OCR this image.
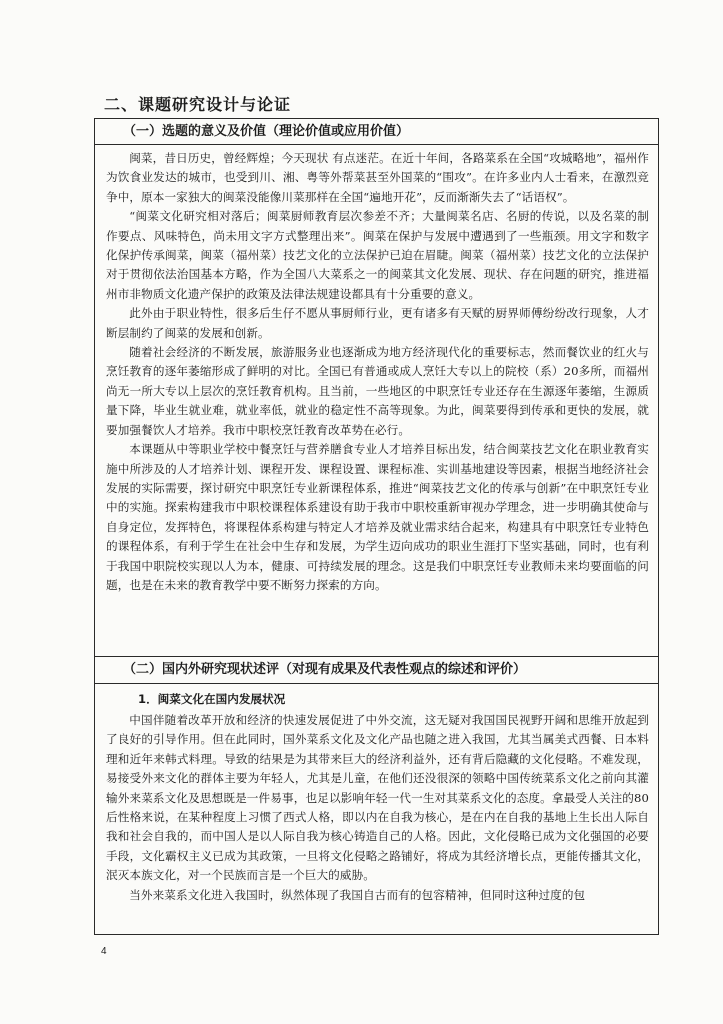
二、课题研究设计与论证
（一）选题的意义及价值（理论价值或应用价值）

闽菜，昔日历史，曾经辉煌；今天现状 有点迷茫。在近十年间，各路菜系在全国“攻城略地”，福州作为饮食业发达的城市，也受到川、湘、粤等外帮菜甚至外国菜的“围攻”。在许多业内人士看来，在激烈竞争中，原本一家独大的闽菜没能像川菜那样在全国“遍地开花”，反而渐渐失去了“话语权”。

“闽菜文化研究相对落后；闽菜厨师教育层次参差不齐；大量闽菜名店、名厨的传说，以及名菜的制作要点、风味特色，尚未用文字方式整理出来”。闽菜在保护与发展中遭遇到了一些瓶颈。用文字和数字化保护传承闽菜，闽菜（福州菜）技艺文化的立法保护已迫在眉睫。闽菜（福州菜）技艺文化的立法保护对于贯彻依法治国基本方略，作为全国八大菜系之一的闽菜其文化发展、现状、存在问题的研究，推进福州市非物质文化遗产保护的政策及法律法规建设都具有十分重要的意义。

此外由于职业特性，很多后生仔不愿从事厨师行业，更有诸多有天赋的厨界师傅纷纷改行现象，人才断层制约了闽菜的发展和创新。

随着社会经济的不断发展，旅游服务业也逐渐成为地方经济现代化的重要标志，然而餐饮业的红火与烹饪教育的逐年萎缩形成了鲜明的对比。全国已有普通或成人烹饪大专以上的院校（系）20多所，而福州尚无一所大专以上层次的烹饪教育机构。且当前，一些地区的中职烹饪专业还存在生源逐年萎缩，生源质量下降，毕业生就业难，就业率低，就业的稳定性不高等现象。为此，闽菜要得到传承和更快的发展，就要加强餐饮人才培养。我市中职校烹饪教育改革势在必行。

本课题从中等职业学校中餐烹饪与营养膳食专业人才培养目标出发，结合闽菜技艺文化在职业教育实施中所涉及的人才培养计划、课程开发、课程设置、课程标准、实训基地建设等因素，根据当地经济社会发展的实际需要，探讨研究中职烹饪专业新课程体系，推进“闽菜技艺文化的传承与创新”在中职烹饪专业中的实施。探索构建我市中职校课程体系建设有助于我市中职校重新审视办学理念，进一步明确其使命与自身定位，发挥特色，将课程体系构建与特定人才培养及就业需求结合起来，构建具有中职烹饪专业特色的课程体系，有利于学生在社会中生存和发展，为学生迈向成功的职业生涯打下坚实基础，同时，也有利于我国中职院校实现以人为本，健康、可持续发展的理念。这是我们中职烹饪专业教师未来均要面临的问题，也是在未来的教育教学中要不断努力探索的方向。

（二）国内外研究现状述评（对现有成果及代表性观点的综述和评价）

1．闽菜文化在国内发展状况

中国伴随着改革开放和经济的快速发展促进了中外交流，这无疑对我国国民视野开阔和思维开放起到了良好的引导作用。但在此同时，国外菜系文化及文化产品也随之进入我国，尤其当属美式西餐、日本料理和近年来韩式料理。导致的结果是为其带来巨大的经济利益外，还有背后隐藏的文化侵略。不难发现，易接受外来文化的群体主要为年轻人，尤其是儿童，在他们还没很深的领略中国传统菜系文化之前向其灌输外来菜系文化及思想既是一件易事，也足以影响年轻一代一生对其菜系文化的态度。拿最受人关注的80后性格来说，在某种程度上习惯了西式人格，即以内在自我为核心，是在内在自我的基地上生长出人际自我和社会自我的，而中国人是以人际自我为核心铸造自己的人格。因此，文化侵略已成为文化强国的必要手段，文化霸权主义已成为其政策，一旦将文化侵略之路铺好，将成为其经济增长点，更能传播其文化，泯灭本族文化，对一个民族而言是一个巨大的威胁。

当外来菜系文化进入我国时，纵然体现了我国自古而有的包容精神，但同时这种过度的包

4
